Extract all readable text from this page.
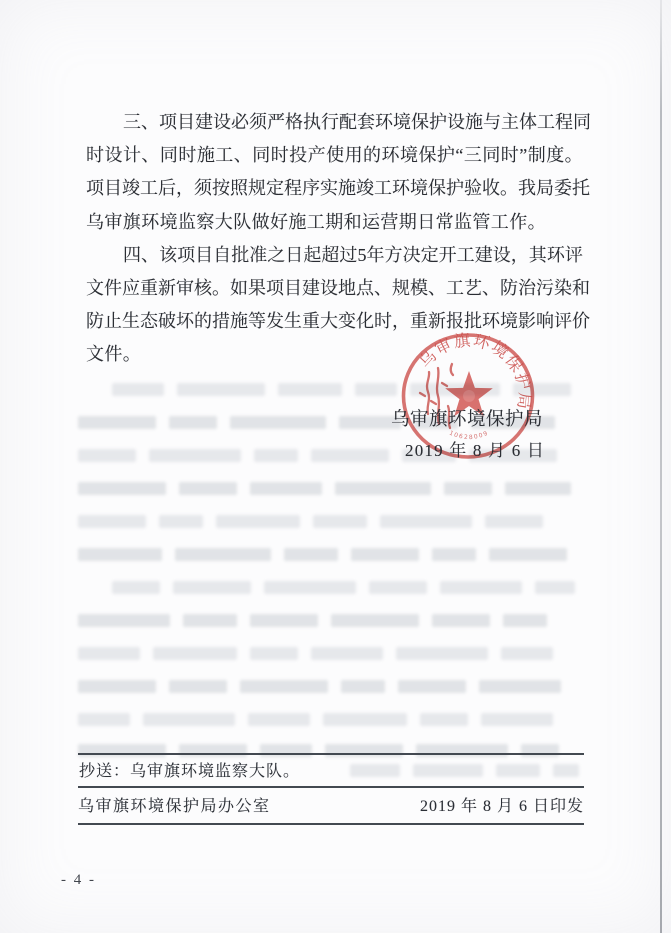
三 、 项 目 建 设 必 须 严 格 执 行 配 套 环 境 保 护 设 施 与 主 体 工 程 同
时 设 计 、 同 时 施 工 、 同 时 投 产 使 用 的 环 境 保 护 “ 三 同 时 ” 制 度 。
项 目 竣 工 后 ， 须 按 照 规 定 程 序 实 施 竣 工 环 境 保 护 验 收 。 我 局 委 托
乌审旗环境监察大队做好施工期和运营期日常监管工作。
四 、 该 项 目 自 批 准 之 日 起 超 过 5 年 方 决 定 开 工 建 设 ， 其 环 评
文 件 应 重 新 审 核 。 如 果 项 目 建 设 地 点 、 规 模 、 工 艺 、 防 治 污 染 和
防 止 生 态 破 坏 的 措 施 等 发 生 重 大 变 化 时 ， 重 新 报 批 环 境 影 响 评 价
文件。	乌审旗环境保护局
10628009
乌审旗环境保护局
2019 年 8 月 6 日
抄送：乌审旗环境监察大队。
乌审旗环境保护局办公室	2019 年 8 月 6 日印发
- 4 -
